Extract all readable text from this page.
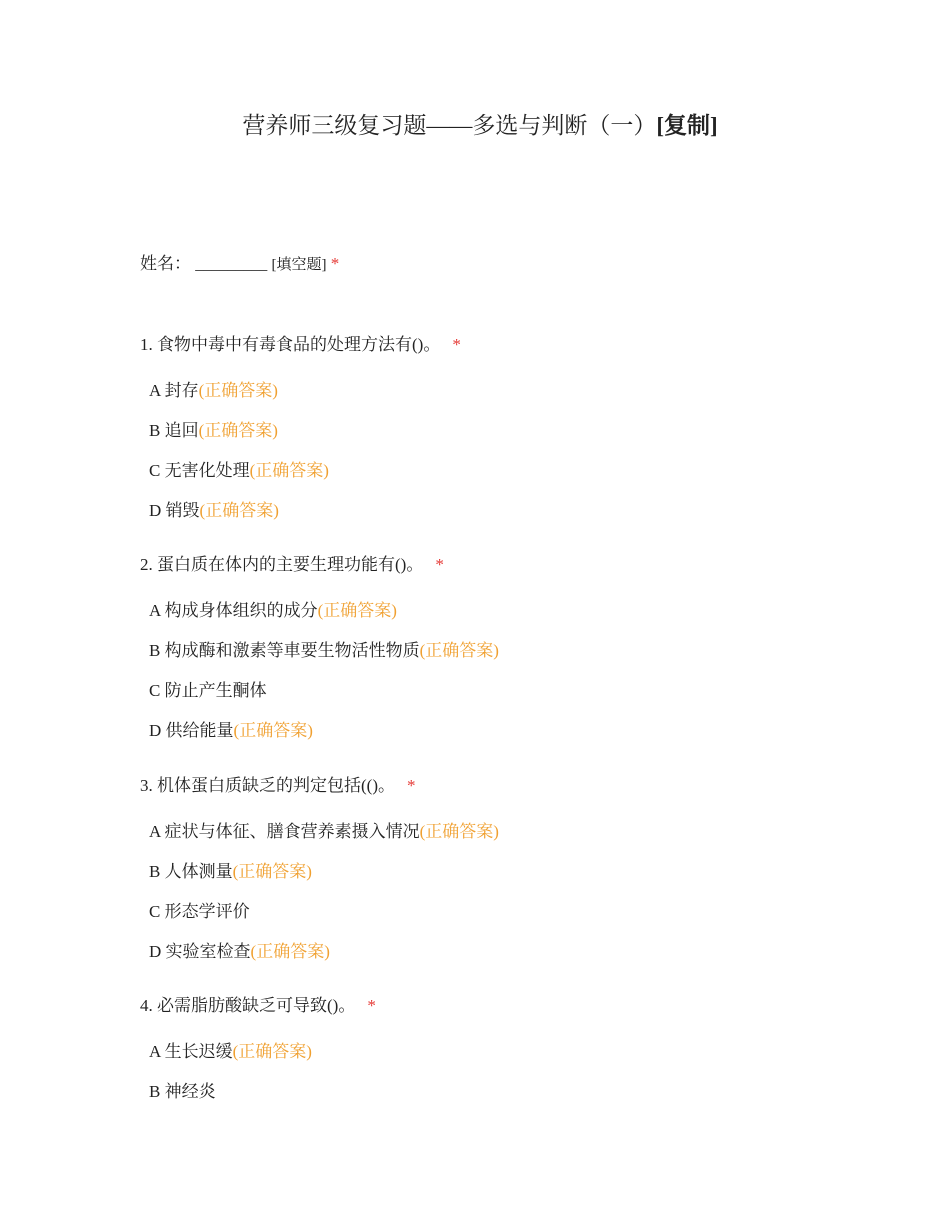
营养师三级复习题——多选与判断（一）[复制]
姓名： _________ [填空题] *

1. 食物中毒中有毒食品的处理方法有()。 *

A 封存(正确答案)
B 追回(正确答案)
C 无害化处理(正确答案)
D 销毁(正确答案)

2. 蛋白质在体内的主要生理功能有()。 *

A 构成身体组织的成分(正确答案)
B 构成酶和激素等車要生物活性物质(正确答案)
C 防止产生酮体
D 供给能量(正确答案)

3. 机体蛋白质缺乏的判定包括(()。 *

A 症状与体征、膳食营养素摄入情况(正确答案)
B 人体测量(正确答案)
C 形态学评价
D 实验室检查(正确答案)

4. 必需脂肪酸缺乏可导致()。 *

A 生长迟缓(正确答案)
B 神经炎
